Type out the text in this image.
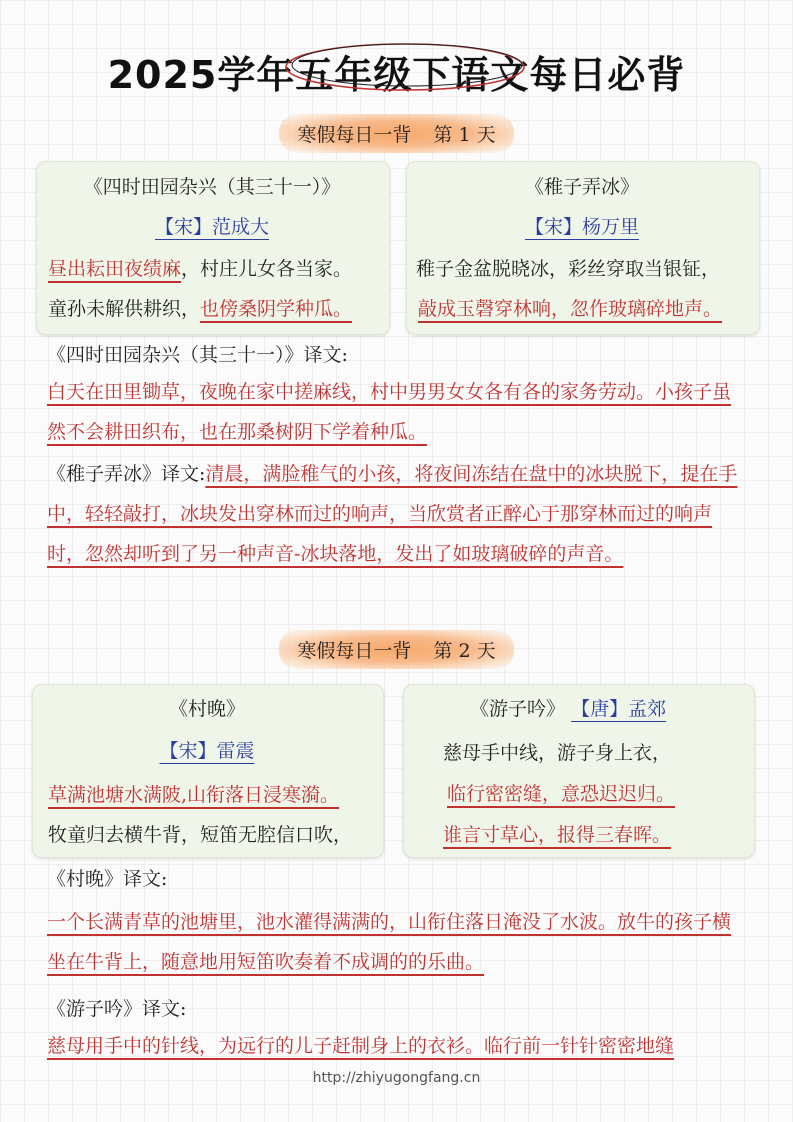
2025学年五年级下语文每日必背
寒假每日一背 第 1 天
《四时田园杂兴（其三十一）》
【宋】范成大
昼出耘田夜绩麻，村庄儿女各当家。
童孙未解供耕织，也傍桑阴学种瓜。
《稚子弄冰》
【宋】杨万里
稚子金盆脱晓冰，彩丝穿取当银钲，
敲成玉磬穿林响，忽作玻璃碎地声。
《四时田园杂兴（其三十一）》译文:
白天在田里锄草，夜晚在家中搓麻线，村中男男女女各有各的家务劳动。小孩子虽然不会耕田织布，也在那桑树阴下学着种瓜。
《稚子弄冰》译文:清晨，满脸稚气的小孩，将夜间冻结在盘中的冰块脱下，提在手中，轻轻敲打，冰块发出穿林而过的响声，当欣赏者正醉心于那穿林而过的响声时，忽然却听到了另一种声音-冰块落地，发出了如玻璃破碎的声音。
寒假每日一背 第 2 天
《村晚》
【宋】雷震
草满池塘水满陂,山衔落日浸寒漪。
牧童归去横牛背，短笛无腔信口吹，
《游子吟》 【唐】孟郊
慈母手中线，游子身上衣，
临行密密缝，意恐迟迟归。
谁言寸草心，报得三春晖。
《村晚》译文:
一个长满青草的池塘里，池水灌得满满的，山衔住落日淹没了水波。放牛的孩子横坐在牛背上，随意地用短笛吹奏着不成调的的乐曲。
《游子吟》译文:
慈母用手中的针线，为远行的儿子赶制身上的衣衫。临行前一针针密密地缝
http://zhiyugongfang.cn
